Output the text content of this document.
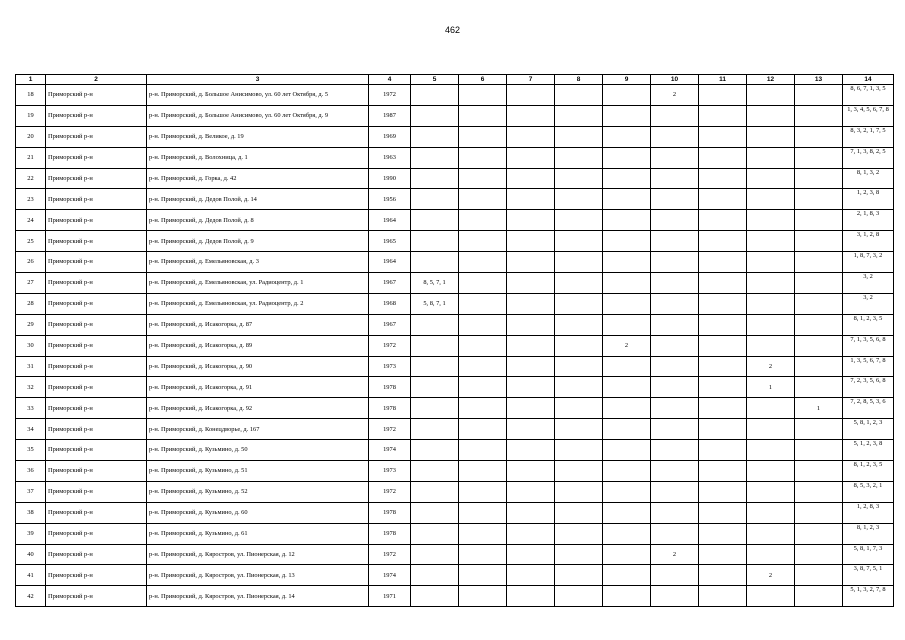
462
1	2	3	4	5	6	7	8	9	10	11	12	13	14
18	Приморский р-н	р-н. Приморский, д. Большое Анисимово, ул. 60 лет Октября, д. 5	1972						2				8, 6, 7, 1, 3, 5
19	Приморский р-н	р-н. Приморский, д. Большое Анисимово, ул. 60 лет Октября, д. 9	1987										1, 3, 4, 5, 6, 7, 8
20	Приморский р-н	р-н. Приморский, д. Великое, д. 19	1969										8, 3, 2, 1, 7, 5
21	Приморский р-н	р-н. Приморский, д. Волохница, д. 1	1963										7, 1, 3, 8, 2, 5
22	Приморский р-н	р-н. Приморский, д. Горка, д. 42	1990										8, 1, 3, 2
23	Приморский р-н	р-н. Приморский, д. Дедов Полой, д. 14	1956										1, 2, 3, 8
24	Приморский р-н	р-н. Приморский, д. Дедов Полой, д. 8	1964										2, 1, 8, 3
25	Приморский р-н	р-н. Приморский, д. Дедов Полой, д. 9	1965										3, 1, 2, 8
26	Приморский р-н	р-н. Приморский, д. Емельяновская, д. 3	1964										1, 8, 7, 3, 2
27	Приморский р-н	р-н. Приморский, д. Емельяновская, ул. Радиоцентр, д. 1	1967	8, 5, 7, 1									3, 2
28	Приморский р-н	р-н. Приморский, д. Емельяновская, ул. Радиоцентр, д. 2	1968	5, 8, 7, 1									3, 2
29	Приморский р-н	р-н. Приморский, д. Исакогорка, д. 87	1967										8, 1, 2, 3, 5
30	Приморский р-н	р-н. Приморский, д. Исакогорка, д. 89	1972					2					7, 1, 3, 5, 6, 8
31	Приморский р-н	р-н. Приморский, д. Исакогорка, д. 90	1973								2		1, 3, 5, 6, 7, 8
32	Приморский р-н	р-н. Приморский, д. Исакогорка, д. 91	1978								1		7, 2, 3, 5, 6, 8
33	Приморский р-н	р-н. Приморский, д. Исакогорка, д. 92	1978									1	7, 2, 8, 5, 3, 6
34	Приморский р-н	р-н. Приморский, д. Конецдворье, д. 167	1972										5, 8, 1, 2, 3
35	Приморский р-н	р-н. Приморский, д. Кузьмино, д. 50	1974										5, 1, 2, 3, 8
36	Приморский р-н	р-н. Приморский, д. Кузьмино, д. 51	1973										8, 1, 2, 3, 5
37	Приморский р-н	р-н. Приморский, д. Кузьмино, д. 52	1972										8, 5, 3, 2, 1
38	Приморский р-н	р-н. Приморский, д. Кузьмино, д. 60	1978										1, 2, 8, 3
39	Приморский р-н	р-н. Приморский, д. Кузьмино, д. 61	1978										8, 1, 2, 3
40	Приморский р-н	р-н. Приморский, д. Кяростров, ул. Пионерская, д. 12	1972						2				5, 8, 1, 7, 3
41	Приморский р-н	р-н. Приморский, д. Кяростров, ул. Пионерская, д. 13	1974								2		3, 8, 7, 5, 1
42	Приморский р-н	р-н. Приморский, д. Кяростров, ул. Пионерская, д. 14	1971										5, 1, 3, 2, 7, 8
